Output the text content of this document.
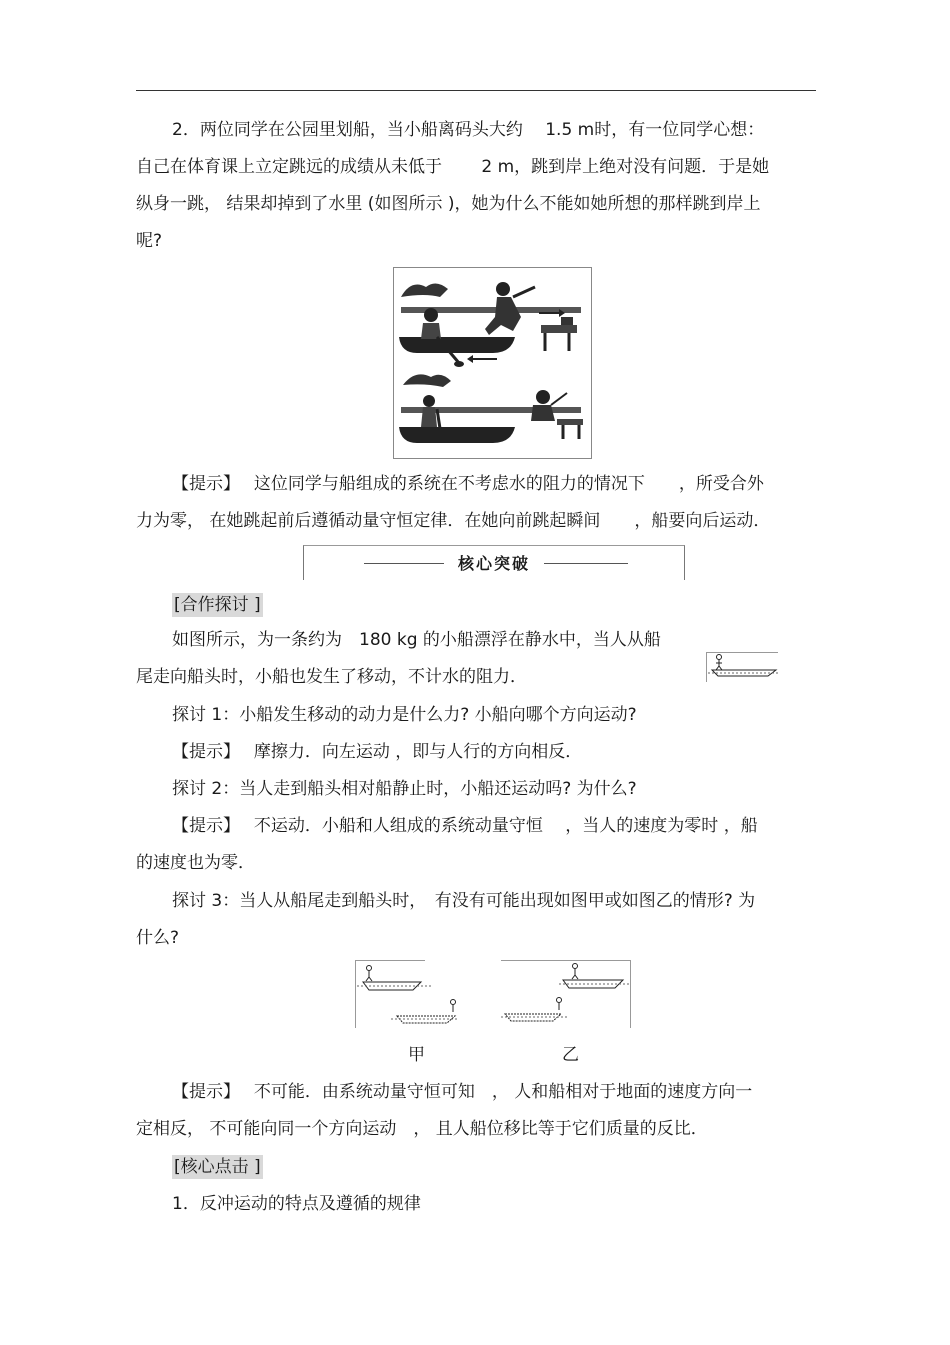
2．两位同学在公园里划船，当小船离码头大约　 1.5 m时，有一位同学心想：
自己在体育课上立定跳远的成绩从未低于　　 2 m，跳到岸上绝对没有问题．于是她
纵身一跳， 结果却掉到了水里 (如图所示 )，她为什么不能如她所想的那样跳到岸上
呢?
【提示】　 这位同学与船组成的系统在不考虑水的阻力的情况下　　，所受合外
力为零， 在她跳起前后遵循动量守恒定律．在她向前跳起瞬间　　，船要向后运动．
核心突破
[合作探讨 ]
如图所示，为一条约为　180 kg 的小船漂浮在静水中，当人从船
尾走向船头时，小船也发生了移动，不计水的阻力．
探讨 1：小船发生移动的动力是什么力? 小船向哪个方向运动?
【提示】　 摩擦力．向左运动 ，即与人行的方向相反．
探讨 2：当人走到船头相对船静止时，小船还运动吗? 为什么?
【提示】　 不运动．小船和人组成的系统动量守恒　 ，当人的速度为零时 ，船
的速度也为零．
探讨 3：当人从船尾走到船头时，　有没有可能出现如图甲或如图乙的情形? 为
什么?
甲	乙
【提示】　 不可能．由系统动量守恒可知　， 人和船相对于地面的速度方向一
定相反， 不可能向同一个方向运动　， 且人船位移比等于它们质量的反比．
[核心点击 ]
1．反冲运动的特点及遵循的规律
